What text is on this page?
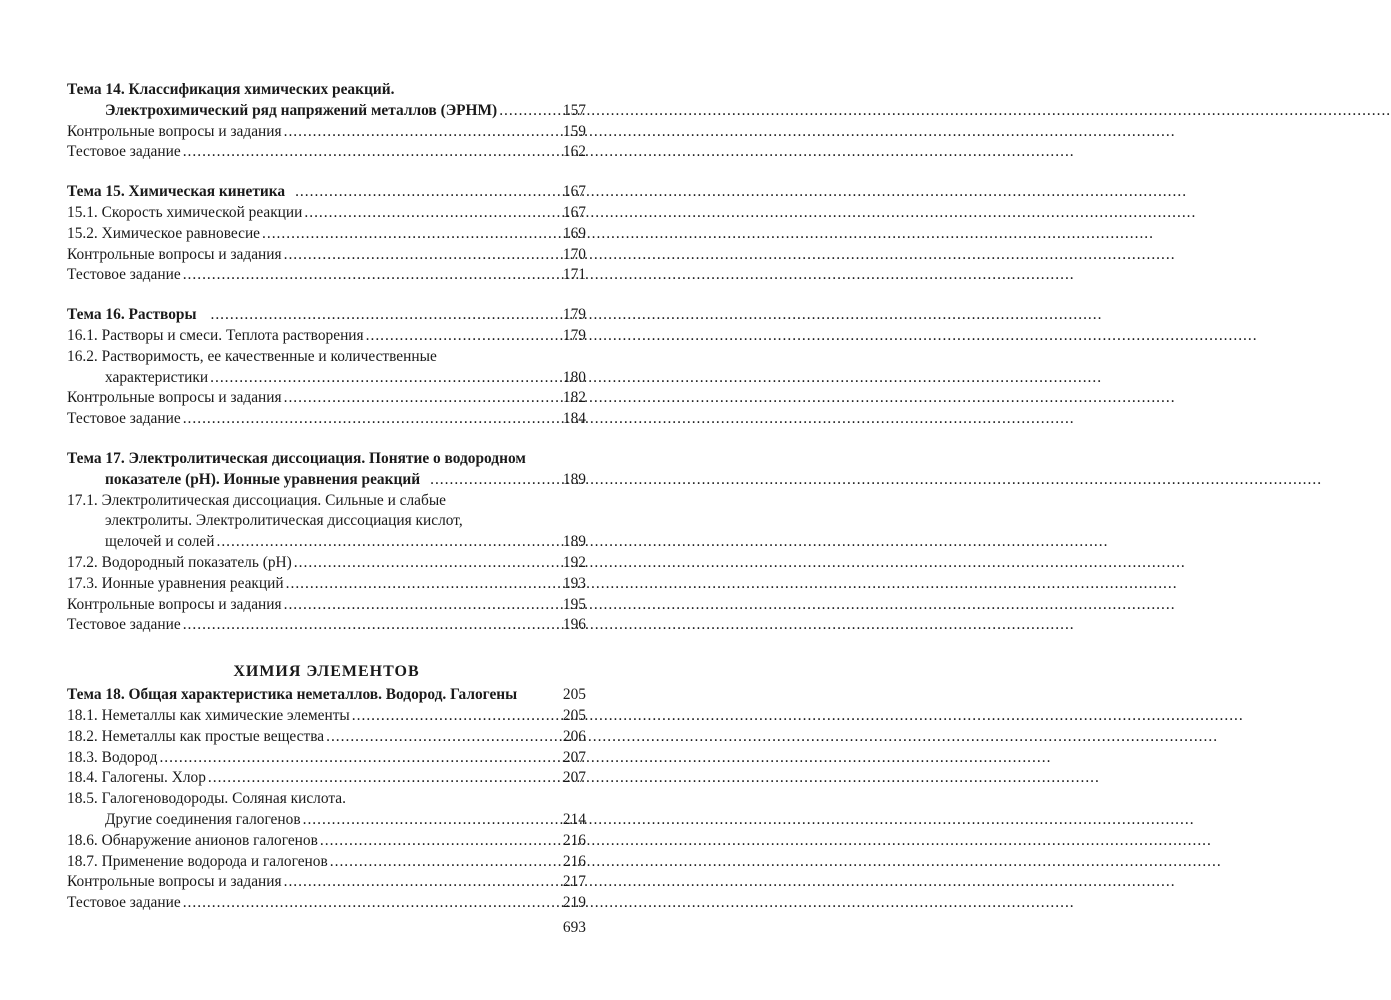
Тема 14. Классификация химических реакций.
Электрохимический ряд напряжений металлов (ЭРНМ) .....	157
Контрольные вопросы и задания .....	159
Тестовое задание .....	162
Тема 15. Химическая кинетика .....	167
15.1. Скорость химической реакции .....	167
15.2. Химическое равновесие .....	169
Контрольные вопросы и задания .....	170
Тестовое задание .....	171
Тема 16. Растворы .....	179
16.1. Растворы и смеси. Теплота растворения .....	179
16.2. Растворимость, ее качественные и количественные
характеристики .....	180
Контрольные вопросы и задания .....	182
Тестовое задание .....	184
Тема 17. Электролитическая диссоциация. Понятие о водородном
показателе (pH). Ионные уравнения реакций .....	189
17.1. Электролитическая диссоциация. Сильные и слабые
электролиты. Электролитическая диссоциация кислот,
щелочей и солей .....	189
17.2. Водородный показатель (pH) .....	192
17.3. Ионные уравнения реакций .....	193
Контрольные вопросы и задания .....	195
Тестовое задание .....	196
ХИМИЯ ЭЛЕМЕНТОВ
Тема 18. Общая характеристика неметаллов. Водород. Галогены	205
18.1. Неметаллы как химические элементы .....	205
18.2. Неметаллы как простые вещества .....	206
18.3. Водород .....	207
18.4. Галогены. Хлор .....	207
18.5. Галогеноводороды. Соляная кислота.
Другие соединения галогенов .....	214
18.6. Обнаружение анионов галогенов .....	216
18.7. Применение водорода и галогенов .....	216
Контрольные вопросы и задания .....	217
Тестовое задание .....	219
693
